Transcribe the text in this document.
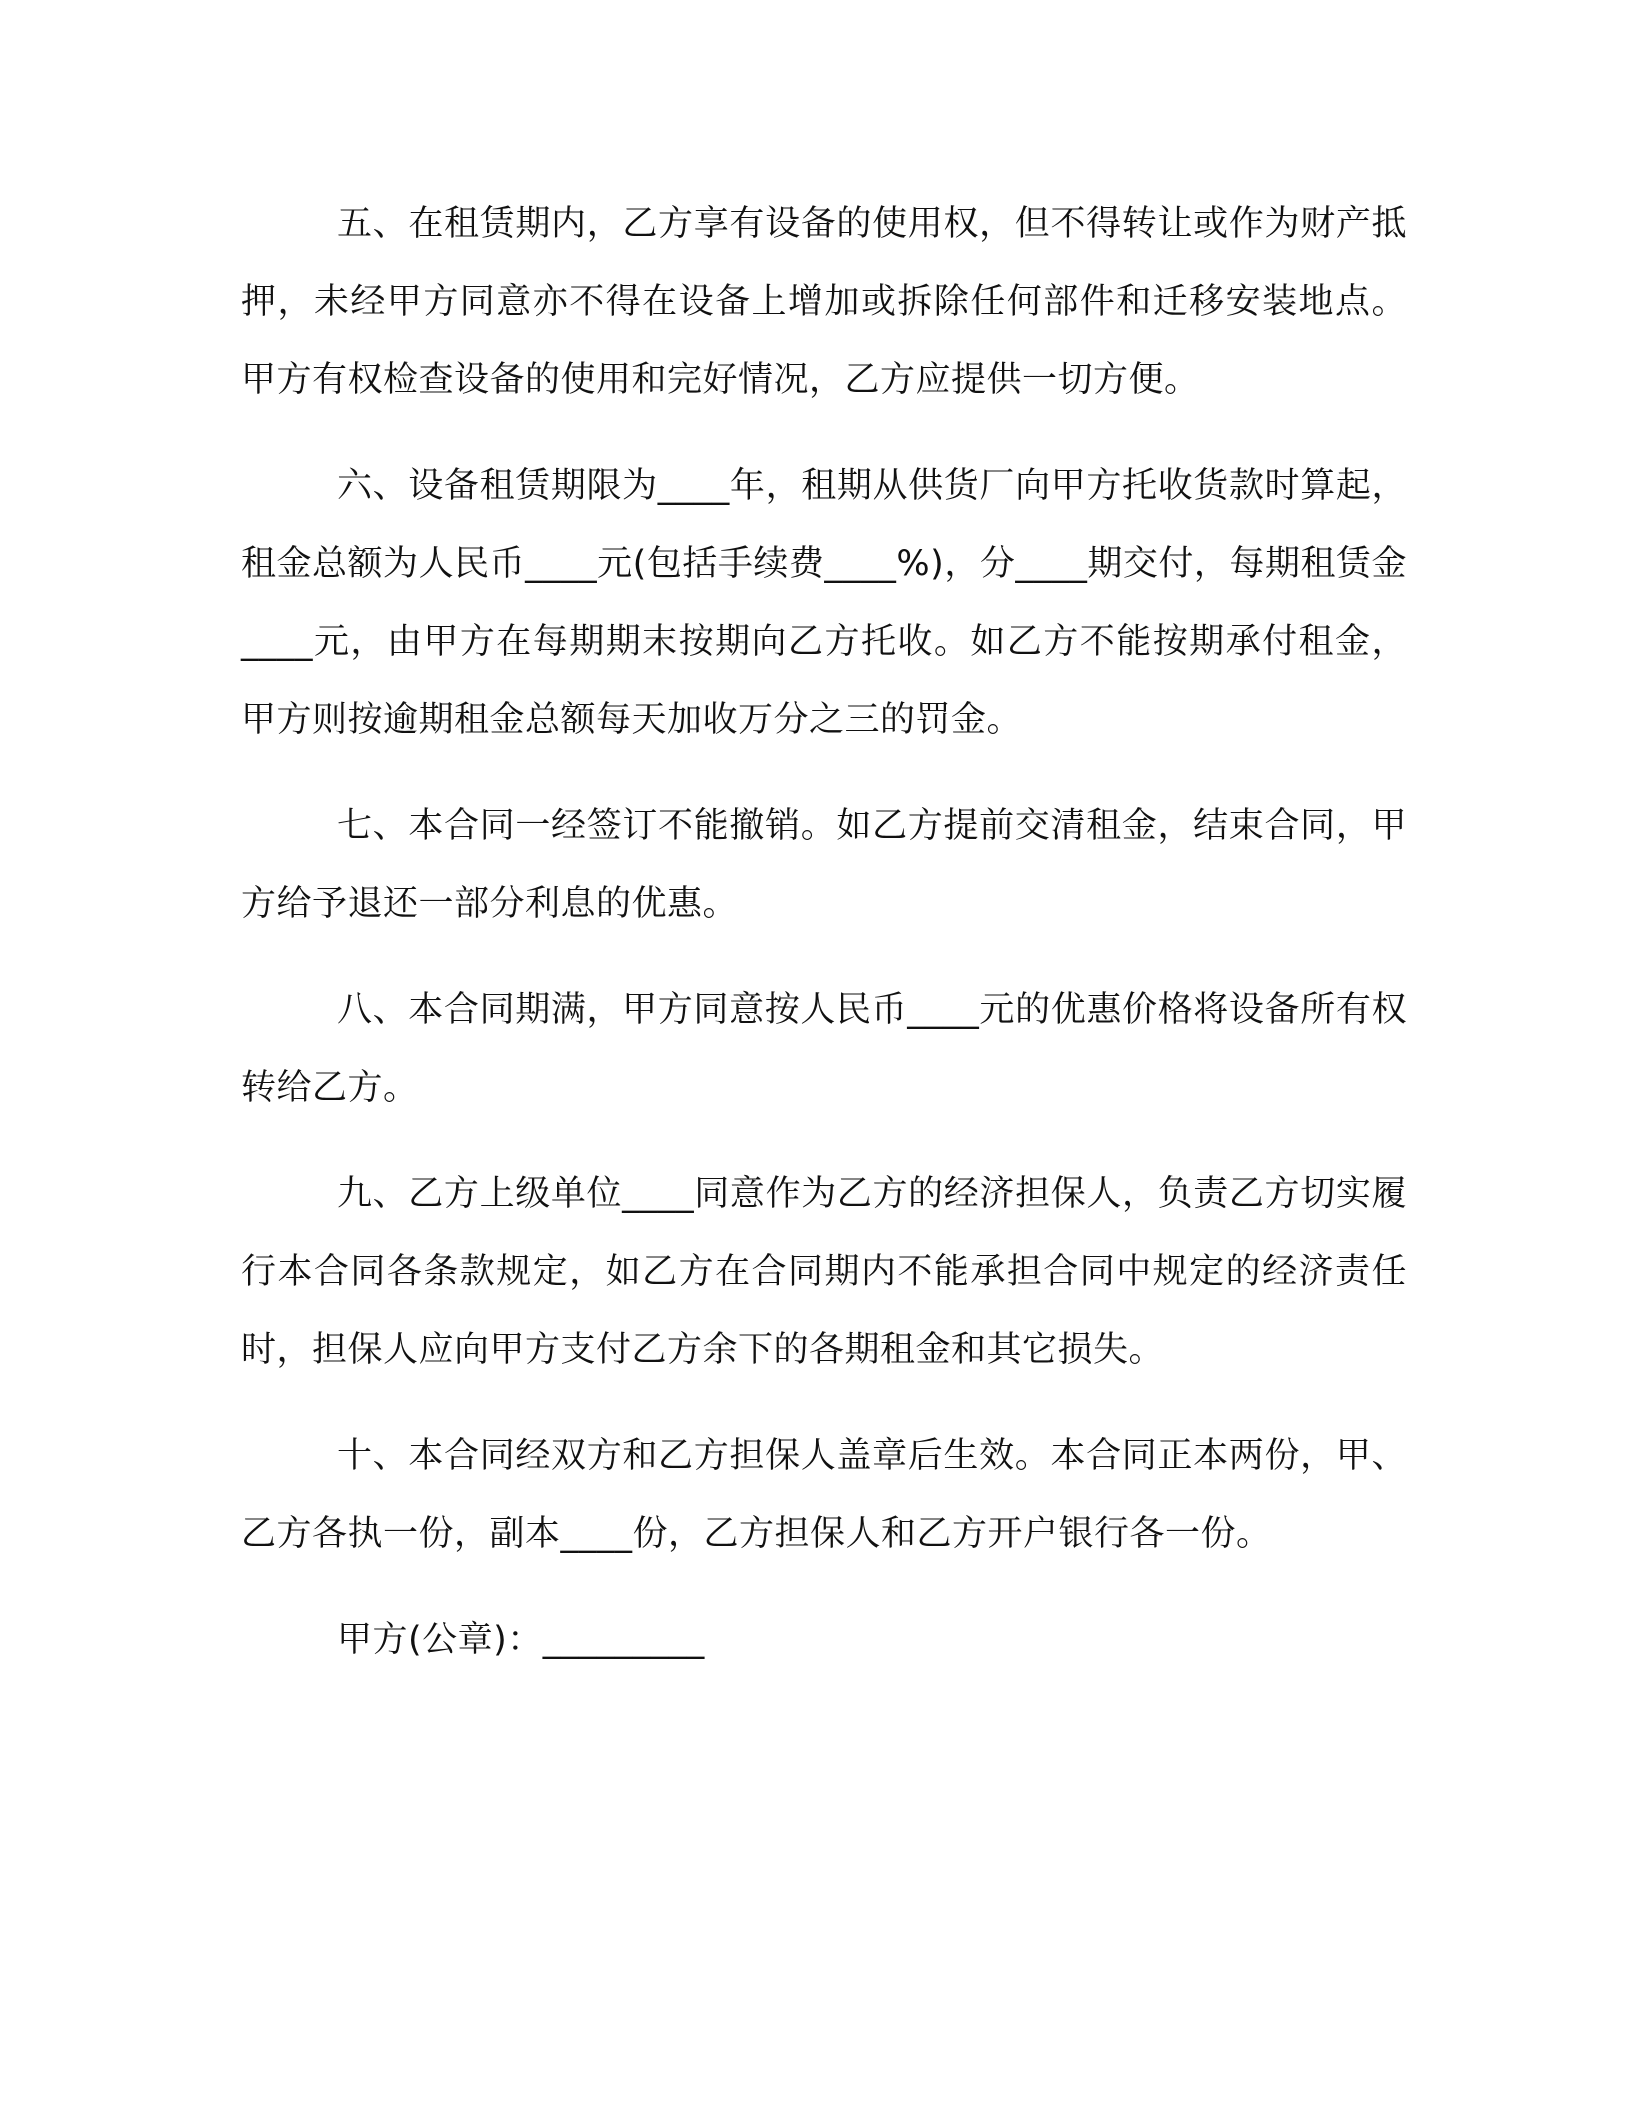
五、在租赁期内，乙方享有设备的使用权，但不得转让或作为财产抵押，未经甲方同意亦不得在设备上增加或拆除任何部件和迁移安装地点。甲方有权检查设备的使用和完好情况，乙方应提供一切方便。

六、设备租赁期限为____年，租期从供货厂向甲方托收货款时算起，租金总额为人民币____元(包括手续费____%)，分____期交付，每期租赁金____元，由甲方在每期期末按期向乙方托收。如乙方不能按期承付租金，甲方则按逾期租金总额每天加收万分之三的罚金。

七、本合同一经签订不能撤销。如乙方提前交清租金，结束合同，甲方给予退还一部分利息的优惠。

八、本合同期满，甲方同意按人民币____元的优惠价格将设备所有权转给乙方。

九、乙方上级单位____同意作为乙方的经济担保人，负责乙方切实履行本合同各条款规定，如乙方在合同期内不能承担合同中规定的经济责任时，担保人应向甲方支付乙方余下的各期租金和其它损失。

十、本合同经双方和乙方担保人盖章后生效。本合同正本两份，甲、乙方各执一份，副本____份，乙方担保人和乙方开户银行各一份。

甲方(公章)：_________
